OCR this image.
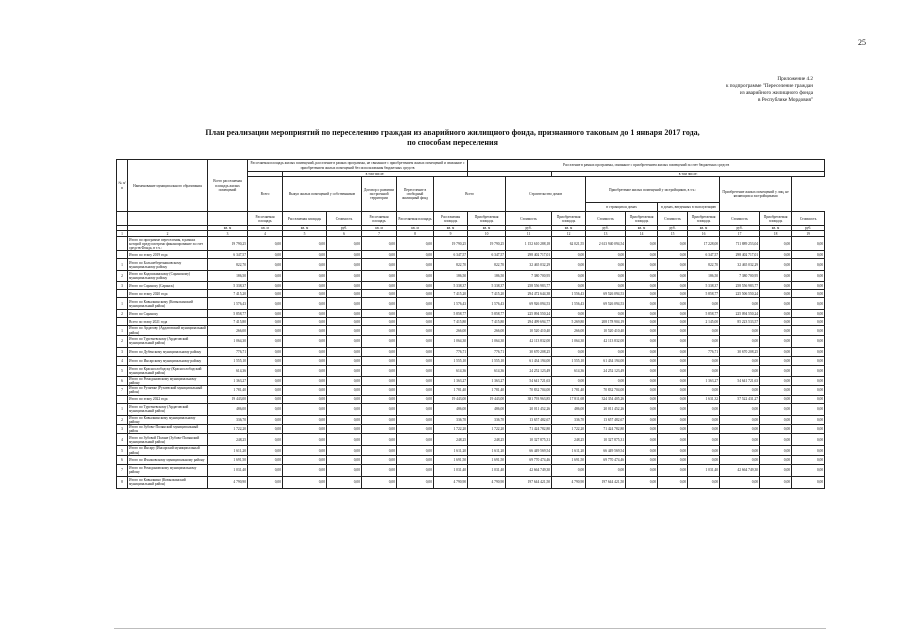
25
Приложение 4.2
к подпрограмме "Переселение граждан
из аварийного жилищного фонда
в Республике Мордовия"
План реализации мероприятий по переселению граждан из аварийного жилищного фонда, признанного таковым до 1 января 2017 года,
по способам переселения
№ п/п	Наименование муниципального образования	Всего расселяемая площадь жилых помещений	Расселяемая площадь жилых помещений, расселение в рамках программы, не связанное с приобретением жилых помещений и связанное с приобретением жилых помещений без использования бюджетных средств						Расселение в рамках программы, связанное с приобретением жилых помещений за счет бюджетных средств									
				в том числе:							в том числе:							
			Всего	Выкуп жилых помещений у собственников		Договор о развитии застроенной территории	Переселение в свободный жилищный фонд	Всего		Строительство домов		Приобретение жилых помещений у застройщиков, в т.ч.:				Приобретение жилых помещений у лиц, не являющихся застройщиками		
												в строящихся домах		в домах, введенных в эксплуатацию				
			Расселяемая площадь	Расселяемая площадь	Стоимость	Расселяемая площадь	Расселяемая площадь	Расселяемая площадь	Приобретаемая площадь	Стоимость	Приобретаемая площадь	Стоимость	Приобретаемая площадь	Стоимость	Приобретаемая площадь	Стоимость	Приобретаемая площадь	Стоимость
		кв. м	кв. м	кв. м	руб.	кв. м	кв. м	кв. м	кв. м	руб.	кв. м	руб.	кв. м	руб.	кв. м	руб.	кв. м	руб.
1	2	3	4	5	6	7	8	9	10	11	12	13	14	15	16	17	18	19
	Итого по программе переселения, в рамках которой предусмотрено финансирование за счет средств Фонда, в т.ч.:	19 790,25	0,00	0,00	0,00	0,00	0,00	19 790,25	19 790,25	1 152 610 288,18	62 021,55	2 613 940 094,54	0,00	0,00	17 228,00	711 889 253,04	0,00	0,00
	Итого по этапу 2019 года	6 347,57	0,00	0,00	0,00	0,00	0,00	6 347,57	6 347,57	298 402 717,01	0,00	0,00	0,00	0,00	6 347,57	298 402 717,01	0,00	0,00
1	Итого по Большеберезниковскому муниципальному району	822,70	0,00	0,00	0,00	0,00	0,00	822,70	822,70	32 465 032,29	0,00	0,00	0,00	0,00	822,70	32 465 032,29	0,00	0,00
2	Итого по Кадошкинскому (Саранскому) муниципальному району	186,50	0,00	0,00	0,00	0,00	0,00	186,50	186,50	7 380 700,95	0,00	0,00	0,00	0,00	186,50	7 380 700,95	0,00	0,00
3	Итого по Саранску (Саранск)	5 338,37	0,00	0,00	0,00	0,00	0,00	5 338,37	5 338,37	258 556 983,77	0,00	0,00	0,00	0,00	5 338,37	258 556 983,77	0,00	0,00
	Итого по этапу 2020 года	7 415,20	0,00	0,00	0,00	0,00	0,00	7 415,20	7 415,20	294 472 644,38	1 556,43	69 526 094,53	0,00	0,00	5 858,77	225 506 550,24	0,00	0,00
1	Итого по Ковылкинскому (Ковылкинский муниципальный район)	1 576,43	0,00	0,00	0,00	0,00	0,00	1 576,43	1 576,43	69 926 094,53	1 556,43	69 526 094,53	0,00	0,00	0,00	0,00	0,00	0,00
2	Итого по Саранску	5 858,77	0,00	0,00	0,00	0,00	0,00	5 858,77	5 858,77	225 094 550,24	0,00	0,00	0,00	0,00	5 858,77	225 094 550,24	0,00	0,00
	Всего по этапу 2021 года	7 415,80	0,00	0,00	0,00	0,00	0,00	7 415,80	7 415,80	294 499 694,77	5 269,80	208 178 904,19	0,00	0,00	2 145,00	85 223 533,57	0,00	0,00
1	Итого по Ардатову (Ардатовский муниципальный район)	266,00	0,00	0,00	0,00	0,00	0,00	266,00	266,00	10 520 410,40	266,00	10 520 410,40	0,00	0,00	0,00	0,00	0,00	0,00
2	Итого по Тургеневскому (Ардатовский муниципальный район)	1 064,30	0,00	0,00	0,00	0,00	0,00	1 064,30	1 064,30	42 113 832,00	1 064,30	42 113 832,00	0,00	0,00	0,00	0,00	0,00	0,00
3	Итого по Дубенскому муниципальному району	776,71	0,00	0,00	0,00	0,00	0,00	776,71	776,71	30 670 208,25	0,00	0,00	0,00	0,00	776,71	30 670 208,25	0,00	0,00
4	Итого по Инсарскому муниципальному району	1 555,10	0,00	0,00	0,00	0,00	0,00	1 555,10	1 555,10	61 434 194,00	1 555,10	61 434 194,00	0,00	0,00	0,00	0,00	0,00	0,00
5	Итого по Краснослободску (Краснослободский муниципальный район)	614,36	0,00	0,00	0,00	0,00	0,00	614,36	614,36	24 252 123,49	614,36	24 252 123,49	0,00	0,00	0,00	0,00	0,00	0,00
6	Итого по Ромодановскому муниципальному району	1 363,27	0,00	0,00	0,00	0,00	0,00	1 363,27	1 363,27	54 641 721,63	0,00	0,00	0,00	0,00	1 363,27	54 641 721,63	0,00	0,00
7	Итого по Рузаевке (Рузаевский муниципальный район)	1 781,40	0,00	0,00	0,00	0,00	0,00	1 781,40	1 781,40	70 832 704,00	1 781,40	70 832 704,00	0,00	0,00	0,00	0,00	0,00	0,00
	Итого по этапу 2022 года	19 443,00	0,00	0,00	0,00	0,00	0,00	19 443,00	19 443,00	381 793 963,85	17 811,68	324 354 405,26	0,00	0,00	1 631,32	57 522 431,27	0,00	0,00
1	Итого по Тургеневскому (Ардатовский муниципальный район)	486,00	0,00	0,00	0,00	0,00	0,00	486,00	486,00	20 011 452,26	486,00	20 011 452,26	0,00	0,00	0,00	0,00	0,00	0,00
2	Итого по Ковылкинскому муниципальному району	336,70	0,00	0,00	0,00	0,00	0,00	336,70	336,70	13 657 482,67	336,70	13 657 482,67	0,00	0,00	0,00	0,00	0,00	0,00
3	Итого по Зубово-Полянский муниципальный район	1 722,20	0,00	0,00	0,00	0,00	0,00	1 722,20	1 722,20	71 424 782,80	1 722,20	71 424 782,80	0,00	0,00	0,00	0,00	0,00	0,00
4	Итого по Зубовой Поляне (Зубово-Полянский муниципальный район)	248,25	0,00	0,00	0,00	0,00	0,00	248,25	248,25	10 327 875,31	248,25	10 327 875,31	0,00	0,00	0,00	0,00	0,00	0,00
5	Итого по Инсару (Инсарский муниципальный район)	1 611,20	0,00	0,00	0,00	0,00	0,00	1 611,20	1 611,20	66 449 569,54	1 611,20	66 449 569,54	0,00	0,00	0,00	0,00	0,00	0,00
6	Итого по Ичалковскому муниципальному району	1 691,50	0,00	0,00	0,00	0,00	0,00	1 691,50	1 691,50	69 770 474,46	1 691,50	69 770 474,46	0,00	0,00	0,00	0,00	0,00	0,00
7	Итого по Ромодановскому муниципальному району	1 031,40	0,00	0,00	0,00	0,00	0,00	1 031,40	1 031,40	42 664 749,30	0,00	0,00	0,00	0,00	1 031,40	42 664 749,30	0,00	0,00
8	Итого по Ковылкино (Ковылкинский муниципальный район)	4 790,90	0,00	0,00	0,00	0,00	0,00	4 790,90	4 790,90	197 644 421,50	4 790,90	197 644 421,50	0,00	0,00	0,00	0,00	0,00	0,00
